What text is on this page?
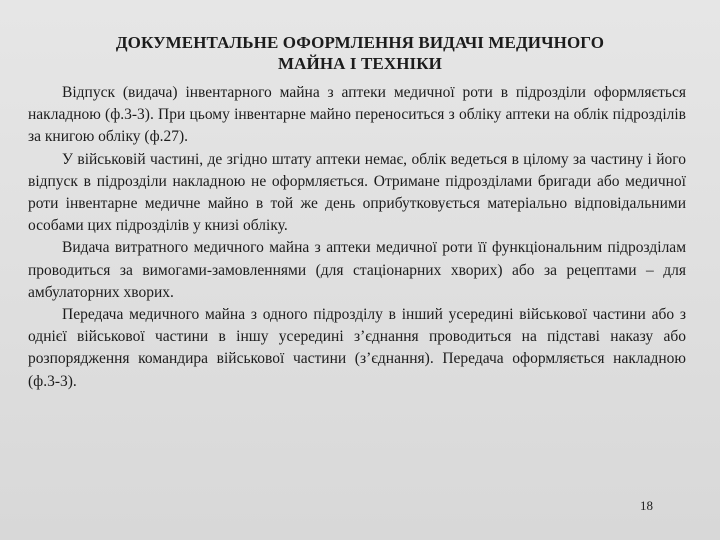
ДОКУМЕНТАЛЬНЕ ОФОРМЛЕННЯ ВИДАЧІ МЕДИЧНОГО
МАЙНА І ТЕХНІКИ

Відпуск (видача) інвентарного майна з аптеки медичної роти в підрозділи оформляється накладною (ф.3-3). При цьому інвентарне майно переноситься з обліку аптеки на облік підрозділів за книгою обліку (ф.27).

У військовій частині, де згідно штату аптеки немає, облік ведеться в цілому за частину і його відпуск в підрозділи накладною не оформляється. Отримане підрозділами бригади або медичної роти інвентарне медичне майно в той же день оприбутковується матеріально відповідальними особами цих підрозділів у книзі обліку.

Видача витратного медичного майна з аптеки медичної роти її функціональним підрозділам проводиться за вимогами-замовленнями (для стаціонарних хворих) або за рецептами – для амбулаторних хворих.

Передача медичного майна з одного підрозділу в інший усередині військової частини або з однієї військової частини в іншу усередині з’єднання проводиться на підставі наказу або розпорядження командира військової частини (з’єднання). Передача оформляється накладною (ф.3-3).

18
